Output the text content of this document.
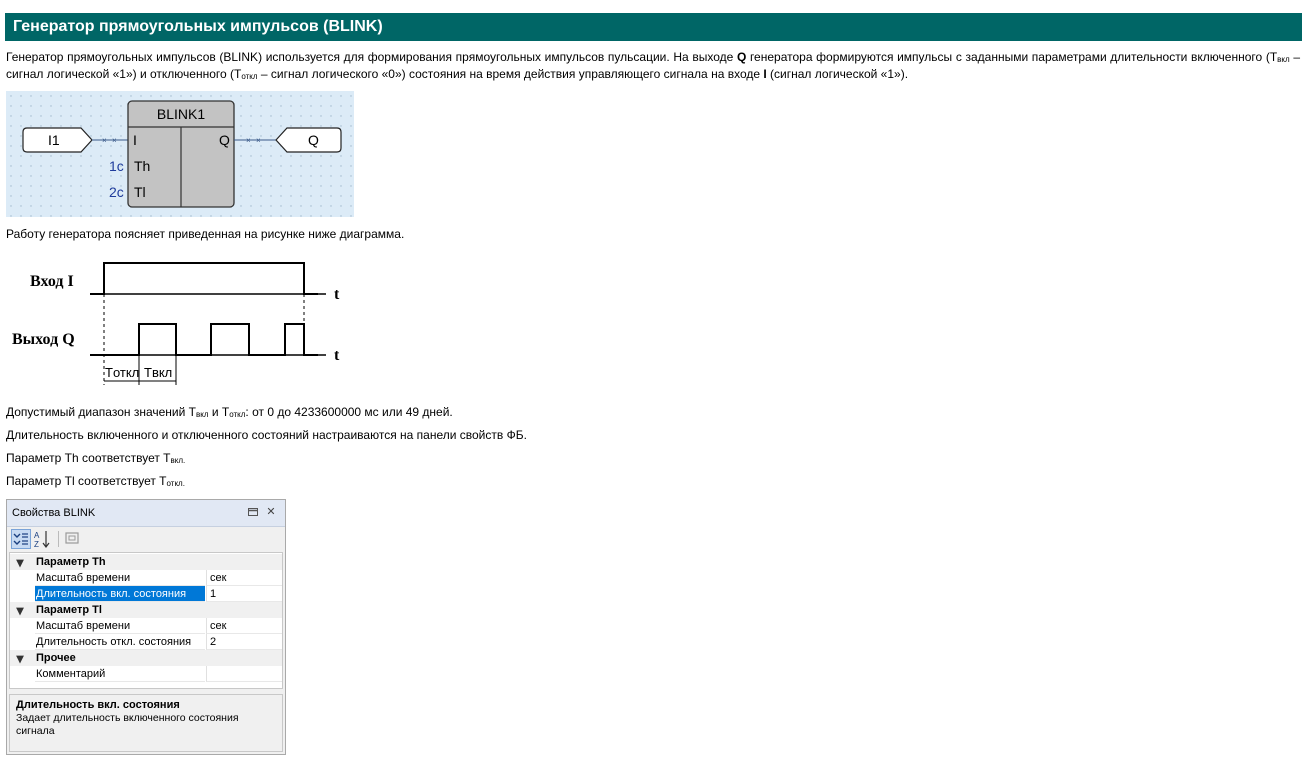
Генератор прямоугольных импульсов (BLINK)

Генератор прямоугольных импульсов (BLINK) используется для формирования прямоугольных импульсов пульсации. На выходе Q генератора формируются импульсы с заданными параметрами длительности включенного ($T_{вкл}$ – сигнал логической «1») и отключенного ($T_{откл}$ – сигнал логического «0») состояния на время действия управляющего сигнала на входе I (сигнал логической «1»).

I1	× ×
BLINK1
I
Th
Tl
Q
1c
2c
× ×	Q

Работу генератора поясняет приведенная на рисунке ниже диаграмма.

Вход I
Выход Q
t
t
Tоткл Tвкл

Допустимый диапазон значений $T_{вкл}$ и $T_{откл}$: от 0 до 4233600000 мс или 49 дней.

Длительность включенного и отключенного состояний настраиваются на панели свойств ФБ.

Параметр Th соответствует $T_{вкл.}$

Параметр Tl соответствует $T_{откл.}$

Свойства BLINK	✕
A
Z
▾ Параметр Th
Масштаб времени	сек
Длительность вкл. состояния	1
▾ Параметр Tl
Масштаб времени	сек
Длительность откл. состояния	2
▾ Прочее
Комментарий
Длительность вкл. состояния
Задает длительность включенного состояния сигнала
